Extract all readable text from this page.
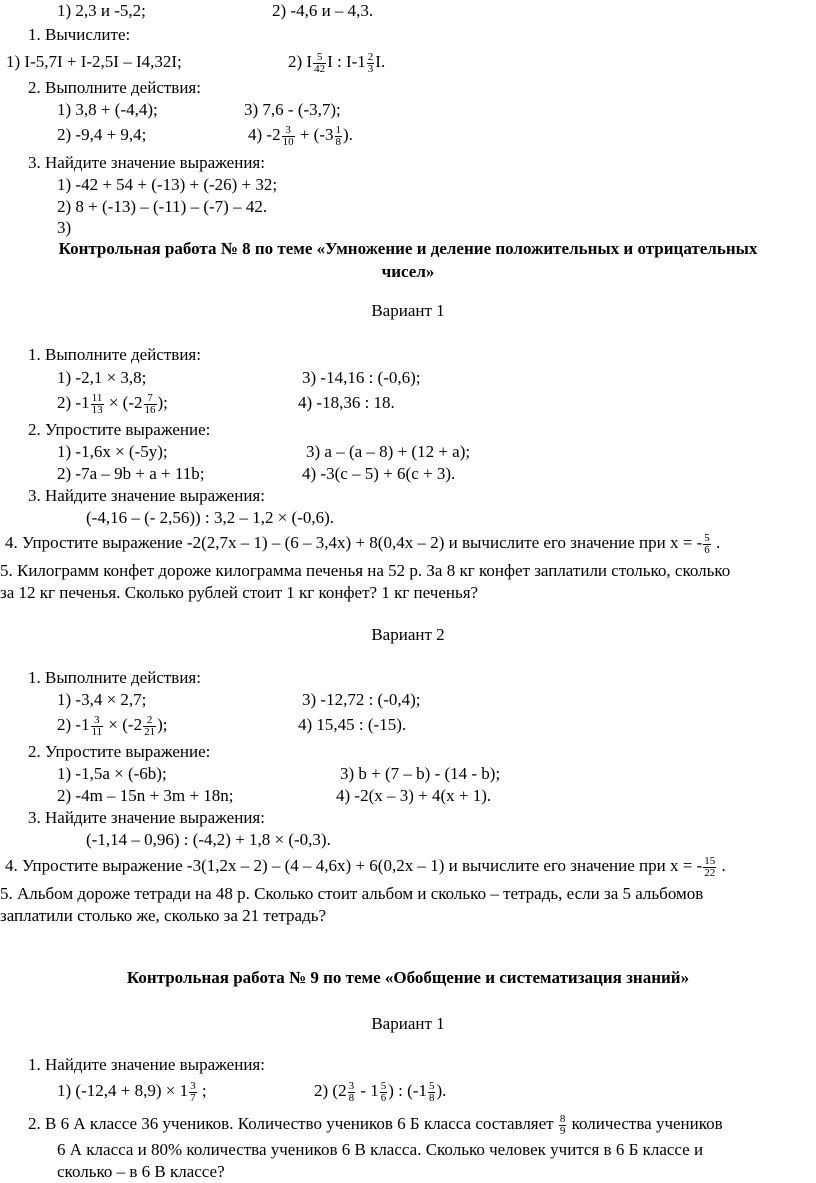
1) 2,3 и -5,2;	2) -4,6 и – 4,3.
1. Вычислите:
1) I-5,7I + I-2,5I – I4,32I;	2) I $\frac{5}{42}$ I : $I-1 \frac{2}{3} I$.
2. Выполните действия:
1) 3,8 + (-4,4);	3) 7,6 - (-3,7);
2) -9,4 + 9,4;	4) $-2 \frac{3}{10} + (-3 \frac{1}{8}$ ).
3. Найдите значение выражения:
1) -42 + 54 + (-13) + (-26) + 32;
2) 8 + (-13) – (-11) – (-7) – 42.
3)
Контрольная работа № 8 по теме «Умножение и деление положительных и отрицательных
чисел»
Вариант 1
1. Выполните действия:
1) -2,1 × 3,8;	3) -14,16 : (-0,6);
2) $-1 \frac{11}{13} \times (-2 \frac{7}{16}$ );	4) -18,36 : 18.
2. Упростите выражение:
1) -1,6x × (-5y);	3) a – (a – 8) + (12 + a);
2) -7a – 9b + a + 11b;	4) -3(c – 5) + 6(c + 3).
3. Найдите значение выражения:
(-4,16 – (- 2,56)) : 3,2 – 1,2 × (-0,6).
4. Упростите выражение -2(2,7x – 1) – (6 – 3,4x) + 8(0,4x – 2) и вычислите его значение при x = - $\frac{5}{6}$ .
5. Килограмм конфет дороже килограмма печенья на 52 р. За 8 кг конфет заплатили столько, сколько
за 12 кг печенья. Сколько рублей стоит 1 кг конфет? 1 кг печенья?
Вариант 2
1. Выполните действия:
1) -3,4 × 2,7;	3) -12,72 : (-0,4);
2) $-1 \frac{3}{11} \times (-2 \frac{2}{21}$ );	4) 15,45 : (-15).
2. Упростите выражение:
1) -1,5a × (-6b);	3) b + (7 – b) - (14 - b);
2) -4m – 15n + 3m + 18n;	4) -2(x – 3) + 4(x + 1).
3. Найдите значение выражения:
(-1,14 – 0,96) : (-4,2) + 1,8 × (-0,3).
4. Упростите выражение -3(1,2x – 2) – (4 – 4,6x) + 6(0,2x – 1) и вычислите его значение при x = - $\frac{15}{22}$ .
5. Альбом дороже тетради на 48 р. Сколько стоит альбом и сколько – тетрадь, если за 5 альбомов
заплатили столько же, сколько за 21 тетрадь?
Контрольная работа № 9 по теме «Обобщение и систематизация знаний»
Вариант 1
1. Найдите значение выражения:
1) $(-12,4 + 8,9) \times 1 \frac{3}{7}$ ;	2) ($2 \frac{3}{8} - 1 \frac{5}{6}$ ) : ($-1 \frac{5}{8}$ ).
2. В 6 А классе 36 учеников. Количество учеников 6 Б класса составляет $\frac{8}{9}$ количества учеников
6 А класса и 80% количества учеников 6 В класса. Сколько человек учится в 6 Б классе и
сколько – в 6 В классе?
